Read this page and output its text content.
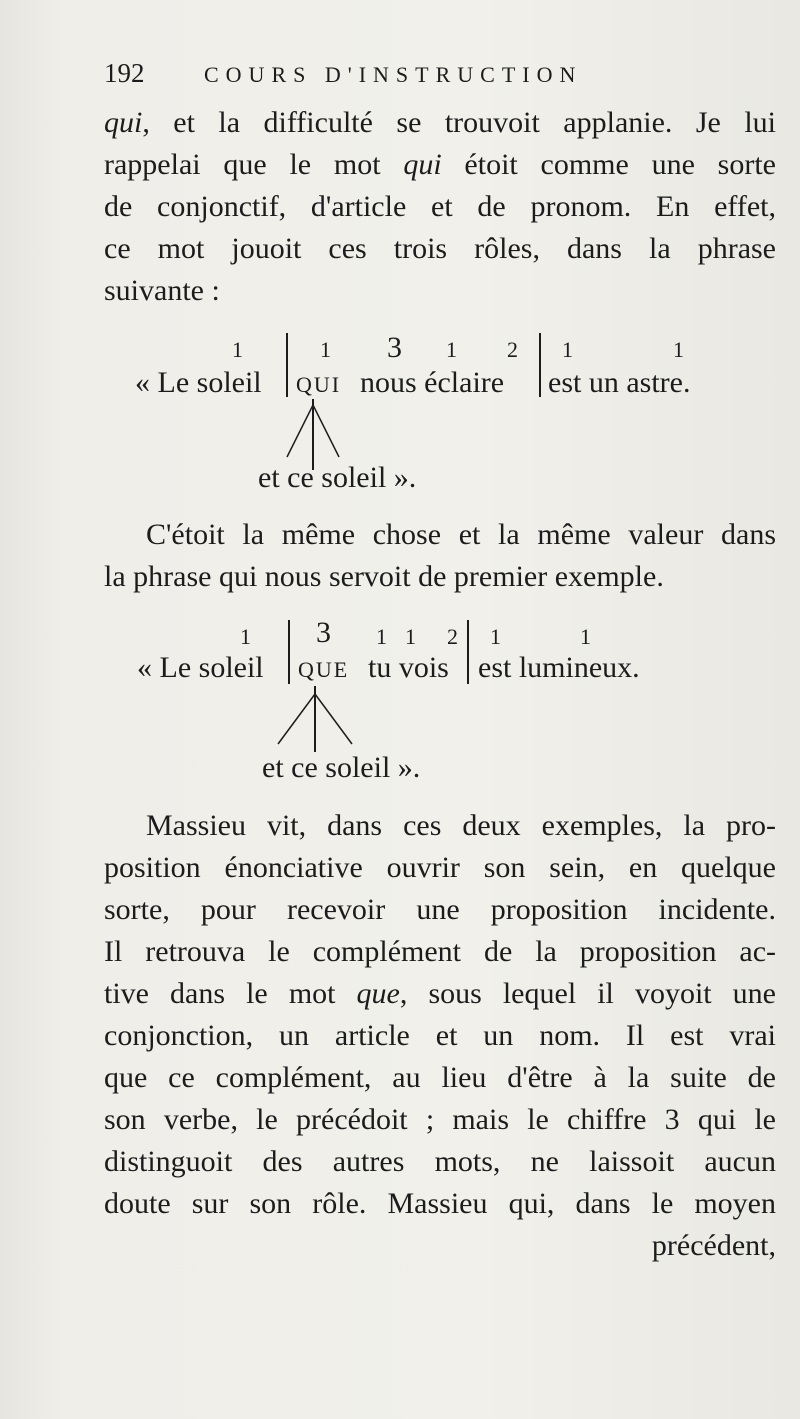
192	COURS D'INSTRUCTION
qui, et la difficulté se trouvoit applanie. Je lui
rappelai que le mot qui étoit comme une sorte
de conjonctif, d'article et de pronom. En effet,
ce mot jouoit ces trois rôles, dans la phrase
suivante :
1	1 3 1 2 1	1
« Le soleil QUI nous éclaire est un astre.
et ce soleil ».
C'étoit la même chose et la même valeur dans
la phrase qui nous servoit de premier exemple.
1 3 1 1 2 1	1
« Le soleil QUE tu vois est lumineux.
et ce soleil ».
Massieu vit, dans ces deux exemples, la pro-
position énonciative ouvrir son sein, en quelque
sorte, pour recevoir une proposition incidente.
Il retrouva le complément de la proposition ac-
tive dans le mot que, sous lequel il voyoit une
conjonction, un article et un nom. Il est vrai
que ce complément, au lieu d'être à la suite de
son verbe, le précédoit ; mais le chiffre 3 qui le
distinguoit des autres mots, ne laissoit aucun
doute sur son rôle. Massieu qui, dans le moyen
précédent,
